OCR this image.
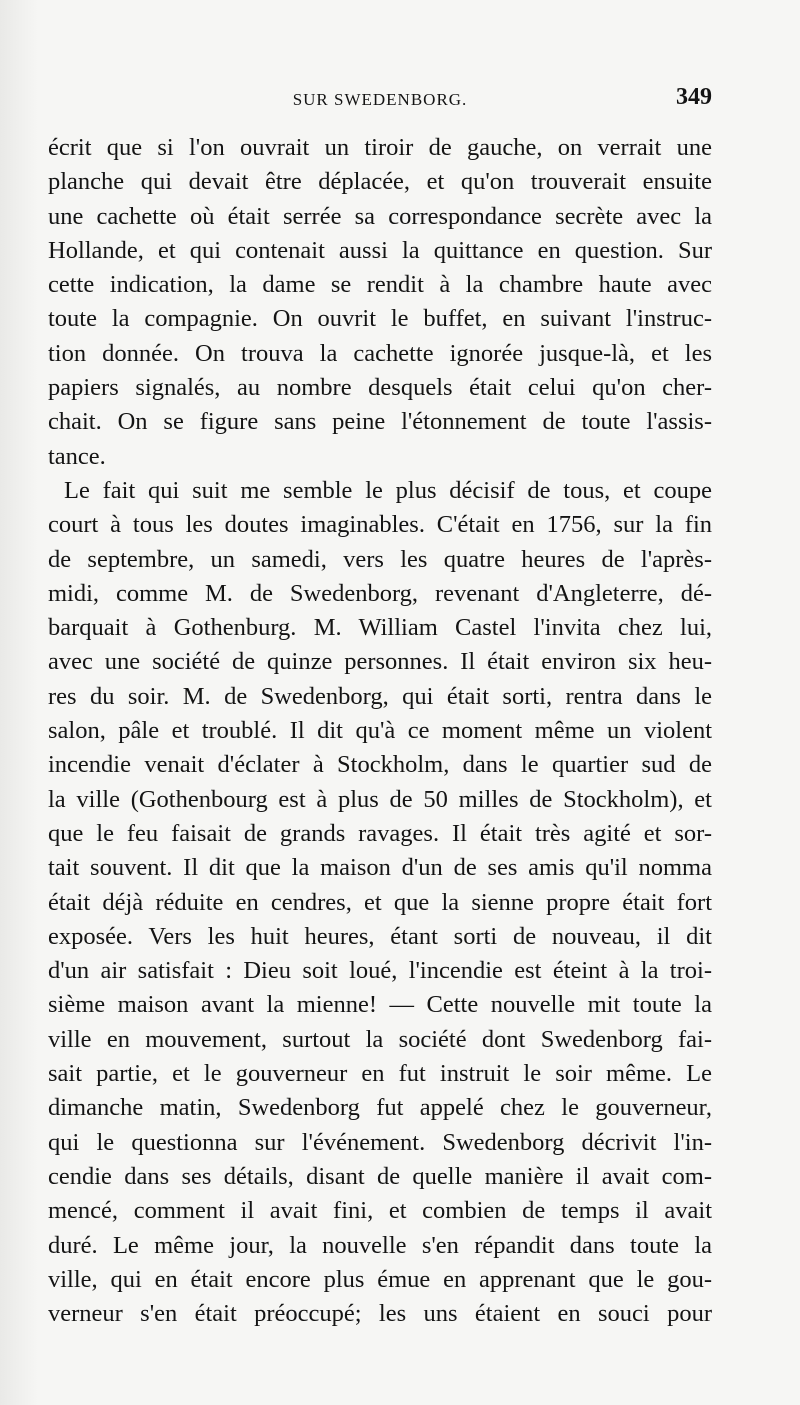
SUR SWEDENBORG.	349
écrit que si l'on ouvrait un tiroir de gauche, on verrait une
planche qui devait être déplacée, et qu'on trouverait ensuite
une cachette où était serrée sa correspondance secrète avec la
Hollande, et qui contenait aussi la quittance en question. Sur
cette indication, la dame se rendit à la chambre haute avec
toute la compagnie. On ouvrit le buffet, en suivant l'instruc-
tion donnée. On trouva la cachette ignorée jusque-là, et les
papiers signalés, au nombre desquels était celui qu'on cher-
chait. On se figure sans peine l'étonnement de toute l'assis-
tance.
Le fait qui suit me semble le plus décisif de tous, et coupe
court à tous les doutes imaginables. C'était en 1756, sur la fin
de septembre, un samedi, vers les quatre heures de l'après-
midi, comme M. de Swedenborg, revenant d'Angleterre, dé-
barquait à Gothenburg. M. William Castel l'invita chez lui,
avec une société de quinze personnes. Il était environ six heu-
res du soir. M. de Swedenborg, qui était sorti, rentra dans le
salon, pâle et troublé. Il dit qu'à ce moment même un violent
incendie venait d'éclater à Stockholm, dans le quartier sud de
la ville (Gothenbourg est à plus de 50 milles de Stockholm), et
que le feu faisait de grands ravages. Il était très agité et sor-
tait souvent. Il dit que la maison d'un de ses amis qu'il nomma
était déjà réduite en cendres, et que la sienne propre était fort
exposée. Vers les huit heures, étant sorti de nouveau, il dit
d'un air satisfait : Dieu soit loué, l'incendie est éteint à la troi-
sième maison avant la mienne! — Cette nouvelle mit toute la
ville en mouvement, surtout la société dont Swedenborg fai-
sait partie, et le gouverneur en fut instruit le soir même. Le
dimanche matin, Swedenborg fut appelé chez le gouverneur,
qui le questionna sur l'événement. Swedenborg décrivit l'in-
cendie dans ses détails, disant de quelle manière il avait com-
mencé, comment il avait fini, et combien de temps il avait
duré. Le même jour, la nouvelle s'en répandit dans toute la
ville, qui en était encore plus émue en apprenant que le gou-
verneur s'en était préoccupé; les uns étaient en souci pour
